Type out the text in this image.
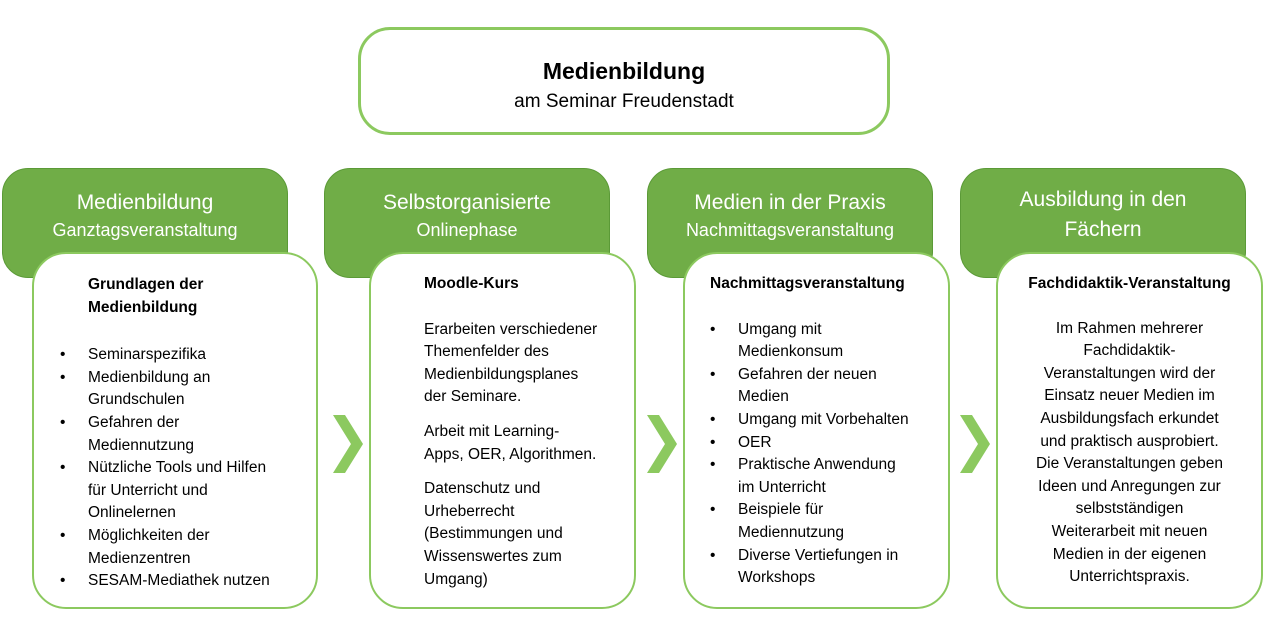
Medienbildung
am Seminar Freudenstadt
Medienbildung
Ganztagsveranstaltung
Grundlagen der
Medienbildung
• Seminarspezifika
• Medienbildung an
Grundschulen
• Gefahren der
Mediennutzung
• Nützliche Tools und Hilfen
für Unterricht und
Onlinelernen
• Möglichkeiten der
Medienzentren
• SESAM-Mediathek nutzen
Selbstorganisierte
Onlinephase
Moodle-Kurs

Erarbeiten verschiedener
Themenfelder des
Medienbildungsplanes
der Seminare.

Arbeit mit Learning-
Apps, OER, Algorithmen.

Datenschutz und
Urheberrecht
(Bestimmungen und
Wissenswertes zum
Umgang)

Medien in der Praxis
Nachmittagsveranstaltung
Nachmittagsveranstaltung
• Umgang mit
Medienkonsum
• Gefahren der neuen
Medien
• Umgang mit Vorbehalten
• OER
• Praktische Anwendung
im Unterricht
• Beispiele für
Mediennutzung
• Diverse Vertiefungen in
Workshops
Ausbildung in den
Fächern
Fachdidaktik-Veranstaltung
Im Rahmen mehrerer
Fachdidaktik-
Veranstaltungen wird der
Einsatz neuer Medien im
Ausbildungsfach erkundet
und praktisch ausprobiert.
Die Veranstaltungen geben
Ideen und Anregungen zur
selbstständigen
Weiterarbeit mit neuen
Medien in der eigenen
Unterrichtspraxis.
